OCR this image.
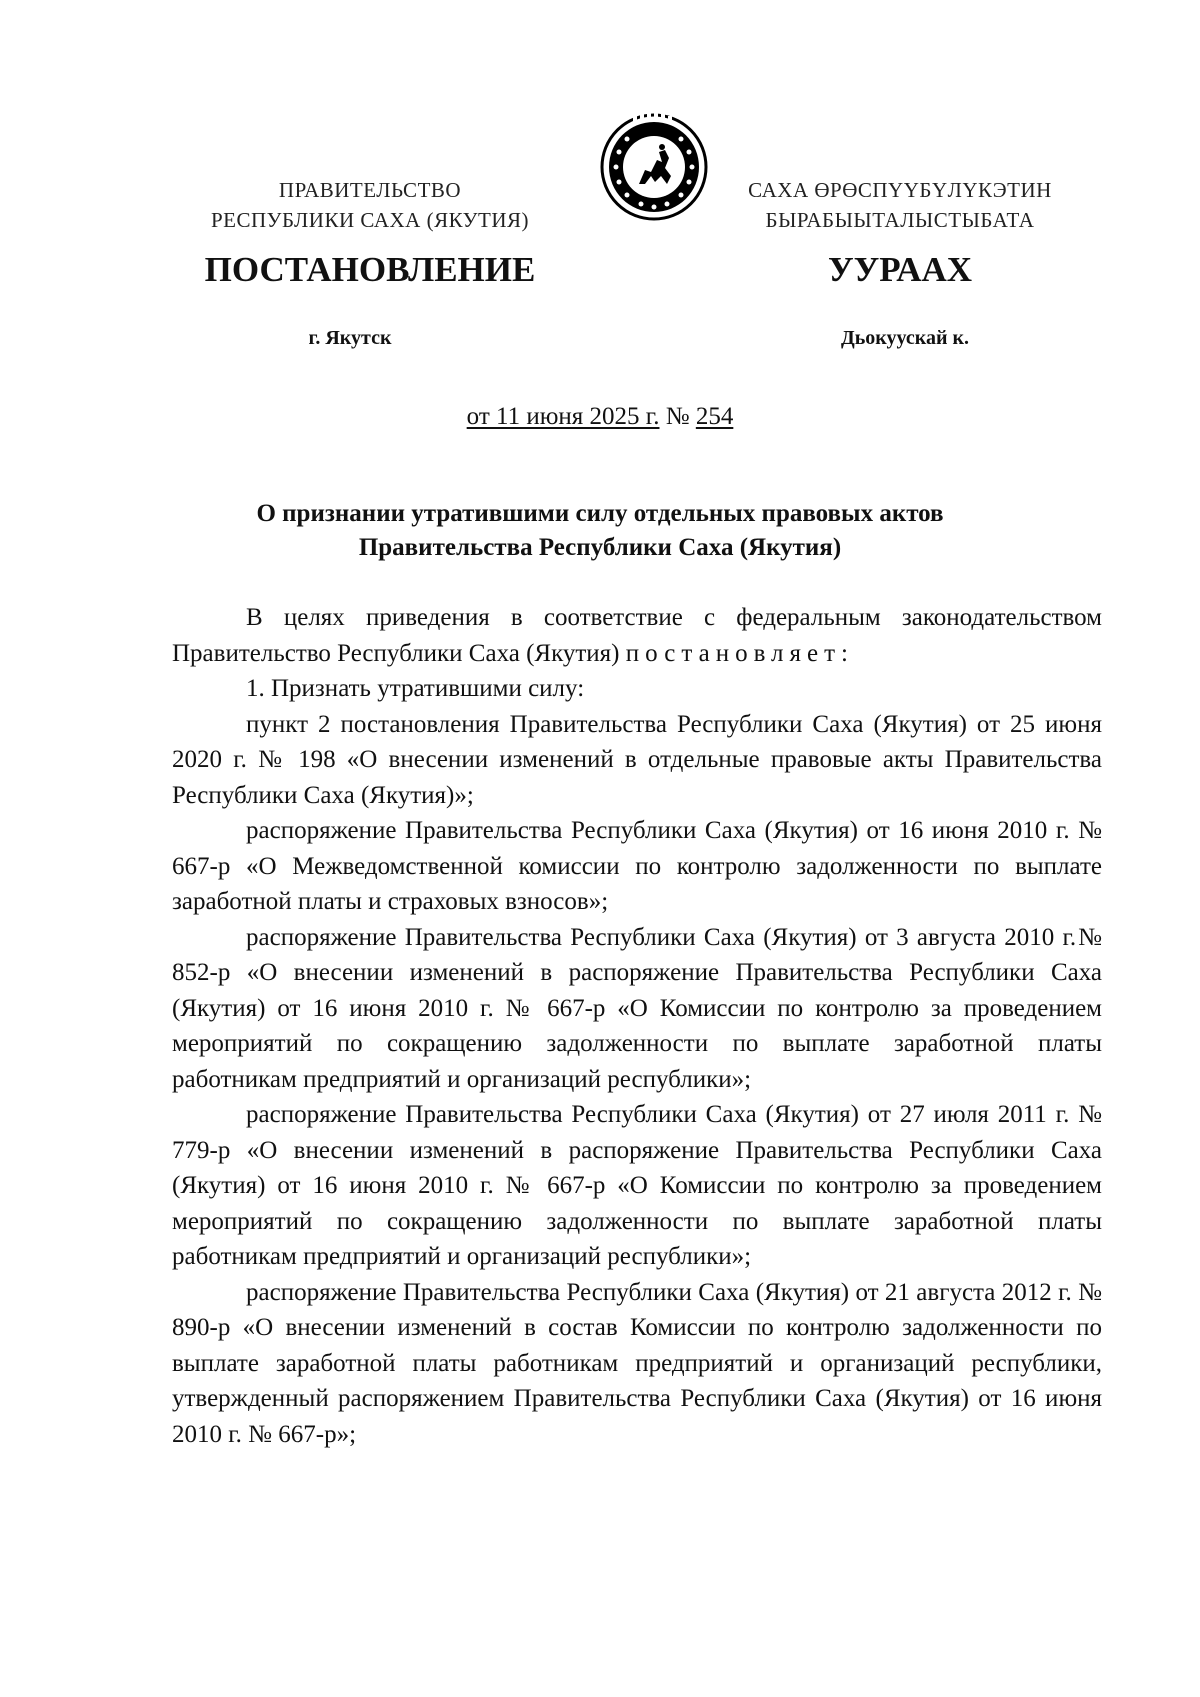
ПРАВИТЕЛЬСТВО
РЕСПУБЛИКИ САХА (ЯКУТИЯ)
САХА ӨРӨСПҮҮБҮЛҮКЭТИН
БЫРАБЫЫТАЛЫСТЫБАТА
ПОСТАНОВЛЕНИЕ	УУРААХ
г. Якутск	Дьокуускай к.
от 11 июня 2025 г. № 254
О признании утратившими силу отдельных правовых актов
Правительства Республики Саха (Якутия)

В целях приведения в соответствие с федеральным законодательством Правительство Республики Саха (Якутия) постановляет:

1. Признать утратившими силу:

пункт 2 постановления Правительства Республики Саха (Якутия) от 25 июня 2020 г. № 198 «О внесении изменений в отдельные правовые акты Правительства Республики Саха (Якутия)»;

распоряжение Правительства Республики Саха (Якутия) от 16 июня 2010 г. № 667-р «О Межведомственной комиссии по контролю задолженности по выплате заработной платы и страховых взносов»;

распоряжение Правительства Республики Саха (Якутия) от 3 августа 2010 г.№ 852-р «О внесении изменений в распоряжение Правительства Республики Саха (Якутия) от 16 июня 2010 г. № 667-р «О Комиссии по контролю за проведением мероприятий по сокращению задолженности по выплате заработной платы работникам предприятий и организаций республики»;

распоряжение Правительства Республики Саха (Якутия) от 27 июля 2011 г. № 779-р «О внесении изменений в распоряжение Правительства Республики Саха (Якутия) от 16 июня 2010 г. № 667-р «О Комиссии по контролю за проведением мероприятий по сокращению задолженности по выплате заработной платы работникам предприятий и организаций республики»;

распоряжение Правительства Республики Саха (Якутия) от 21 августа 2012 г. № 890-р «О внесении изменений в состав Комиссии по контролю задолженности по выплате заработной платы работникам предприятий и организаций республики, утвержденный распоряжением Правительства Республики Саха (Якутия) от 16 июня 2010 г. № 667-р»;
